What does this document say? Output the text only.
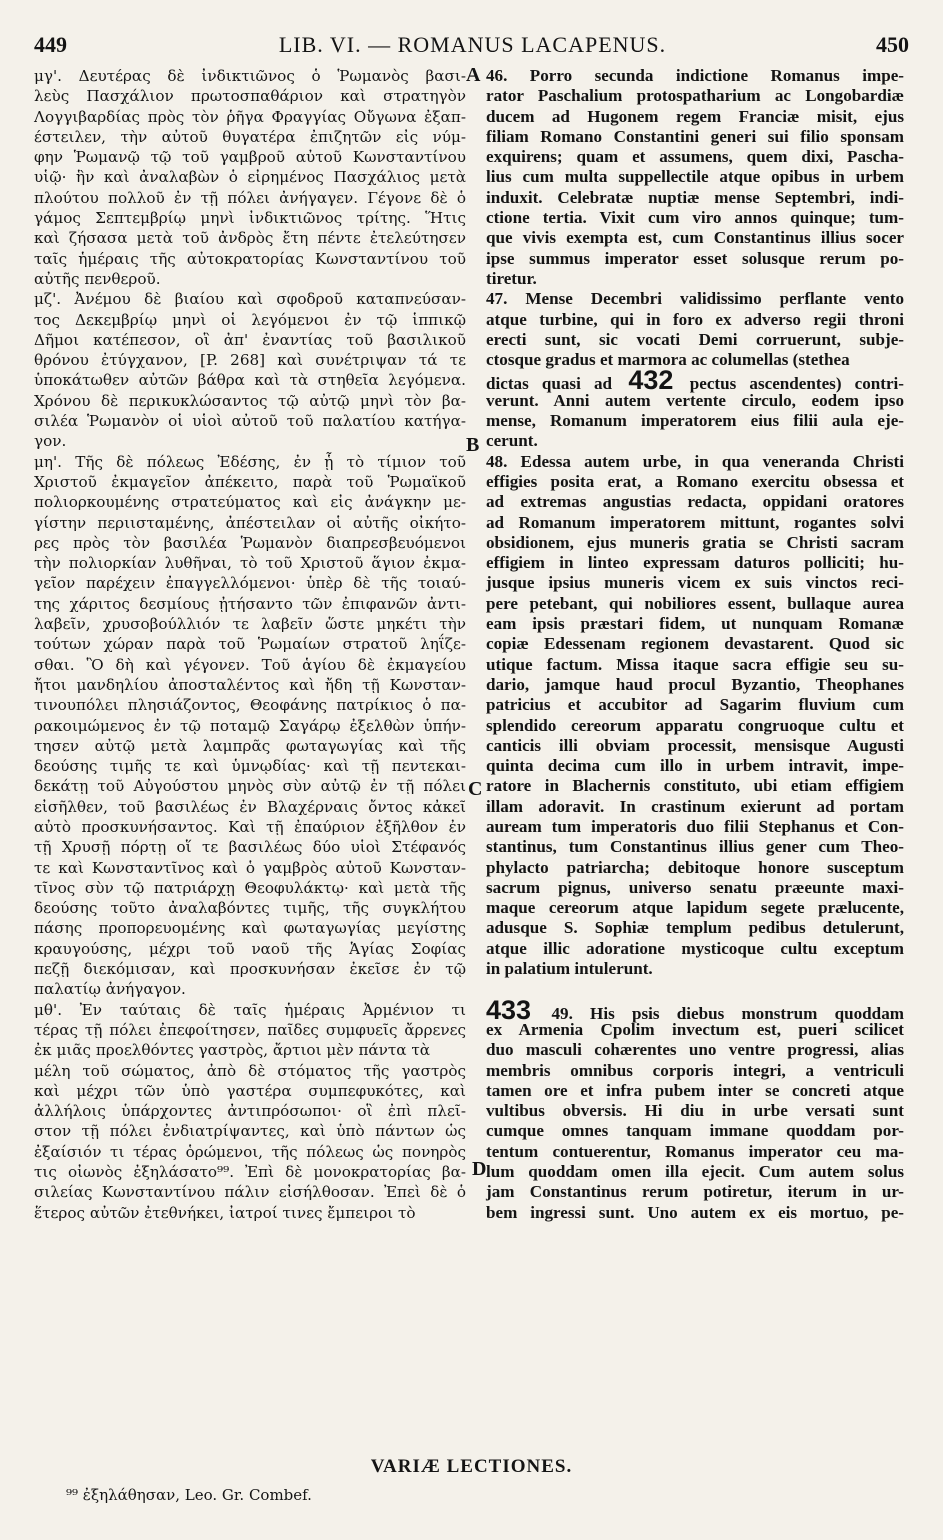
449	LIB. VI. — ROMANUS LACAPENUS.	450
μγ'. Δευτέρας δὲ ἰνδικτιῶνος ὁ Ῥωμανὸς βασι-
λεὺς Πασχάλιον πρωτοσπαθάριον καὶ στρατηγὸν
Λογγιβαρδίας πρὸς τὸν ῥῆγα Φραγγίας Οὔγωνα ἐξαπ-
έστειλεν, τὴν αὐτοῦ θυγατέρα ἐπιζητῶν εἰς νύμ-
φην Ῥωμανῷ τῷ τοῦ γαμβροῦ αὐτοῦ Κωνσταντίνου
υἱῷ· ἣν καὶ ἀναλαβὼν ὁ εἰρημένος Πασχάλιος μετὰ
πλούτου πολλοῦ ἐν τῇ πόλει ἀνήγαγεν. Γέγονε δὲ ὁ
γάμος Σεπτεμβρίῳ μηνὶ ἰνδικτιῶνος τρίτης. Ἥτις
καὶ ζήσασα μετὰ τοῦ ἀνδρὸς ἔτη πέντε ἐτελεύτησεν
ταῖς ἡμέραις τῆς αὐτοκρατορίας Κωνσταντίνου τοῦ
αὐτῆς πενθεροῦ.
μζ'. Ἀνέμου δὲ βιαίου καὶ σφοδροῦ καταπνεύσαν-
τος Δεκεμβρίῳ μηνὶ οἱ λεγόμενοι ἐν τῷ ἱππικῷ
Δῆμοι κατέπεσον, οἳ ἀπ' ἐναντίας τοῦ βασιλικοῦ
θρόνου ἐτύγχανον, [P. 268] καὶ συνέτριψαν τά τε
ὑποκάτωθεν αὐτῶν βάθρα καὶ τὰ στηθεῖα λεγόμενα.
Χρόνου δὲ περικυκλώσαντος τῷ αὐτῷ μηνὶ τὸν βα-
σιλέα Ῥωμανὸν οἱ υἱοὶ αὐτοῦ τοῦ παλατίου κατήγα-
γον.
μη'. Τῆς δὲ πόλεως Ἐδέσης, ἐν ᾗ τὸ τίμιον τοῦ
Χριστοῦ ἐκμαγεῖον ἀπέκειτο, παρὰ τοῦ Ῥωμαϊκοῦ
πολιορκουμένης στρατεύματος καὶ εἰς ἀνάγκην με-
γίστην περιισταμένης, ἀπέστειλαν οἱ αὐτῆς οἰκήτο-
ρες πρὸς τὸν βασιλέα Ῥωμανὸν διαπρεσβευόμενοι
τὴν πολιορκίαν λυθῆναι, τὸ τοῦ Χριστοῦ ἅγιον ἐκμα-
γεῖον παρέχειν ἐπαγγελλόμενοι· ὑπὲρ δὲ τῆς τοιαύ-
της χάριτος δεσμίους ᾐτήσαντο τῶν ἐπιφανῶν ἀντι-
λαβεῖν, χρυσοβούλλιόν τε λαβεῖν ὥστε μηκέτι τὴν
τούτων χώραν παρὰ τοῦ Ῥωμαίων στρατοῦ ληΐζε-
σθαι. Ὃ δὴ καὶ γέγονεν. Τοῦ ἁγίου δὲ ἐκμαγείου
ἤτοι μανδηλίου ἀποσταλέντος καὶ ἤδη τῇ Κωνσταν-
τινουπόλει πλησιάζοντος, Θεοφάνης πατρίκιος ὁ πα-
ρακοιμώμενος ἐν τῷ ποταμῷ Σαγάρῳ ἐξελθὼν ὑπήν-
τησεν αὐτῷ μετὰ λαμπρᾶς φωταγωγίας καὶ τῆς
δεούσης τιμῆς τε καὶ ὑμνῳδίας· καὶ τῇ πεντεκαι-
δεκάτῃ τοῦ Αὐγούστου μηνὸς σὺν αὐτῷ ἐν τῇ πόλει
εἰσῆλθεν, τοῦ βασιλέως ἐν Βλαχέρναις ὄντος κἀκεῖ
αὐτὸ προσκυνήσαντος. Καὶ τῇ ἐπαύριον ἐξῆλθον ἐν
τῇ Χρυσῇ πόρτῃ οἵ τε βασιλέως δύο υἱοὶ Στέφανός
τε καὶ Κωνσταντῖνος καὶ ὁ γαμβρὸς αὐτοῦ Κωνσταν-
τῖνος σὺν τῷ πατριάρχῃ Θεοφυλάκτῳ· καὶ μετὰ τῆς
δεούσης τοῦτο ἀναλαβόντες τιμῆς, τῆς συγκλήτου
πάσης προπορευομένης καὶ φωταγωγίας μεγίστης
κραυγούσης, μέχρι τοῦ ναοῦ τῆς Ἁγίας Σοφίας
πεζῇ διεκόμισαν, καὶ προσκυνήσαν ἐκεῖσε ἐν τῷ
παλατίῳ ἀνήγαγον.
μθ'. Ἐν ταύταις δὲ ταῖς ἡμέραις Ἀρμένιον τι
τέρας τῇ πόλει ἐπεφοίτησεν, παῖδες συμφυεῖς ἄρρενες
ἐκ μιᾶς προελθόντες γαστρὸς, ἄρτιοι μὲν πάντα τὰ
μέλη τοῦ σώματος, ἀπὸ δὲ στόματος τῆς γαστρὸς
καὶ μέχρι τῶν ὑπὸ γαστέρα συμπεφυκότες, καὶ
ἀλλήλοις ὑπάρχοντες ἀντιπρόσωποι· οἳ ἐπὶ πλεῖ-
στον τῇ πόλει ἐνδιατρίψαντες, καὶ ὑπὸ πάντων ὡς
ἐξαίσιόν τι τέρας ὁρώμενοι, τῆς πόλεως ὡς πονηρὸς
τις οἰωνὸς ἐξηλάσατο⁹⁹. Ἐπὶ δὲ μονοκρατορίας βα-
σιλείας Κωνσταντίνου πάλιν εἰσήλθοσαν. Ἐπεὶ δὲ ὁ
ἕτερος αὐτῶν ἐτεθνήκει, ἰατροί τινες ἔμπειροι τὸ
46. Porro secunda indictione Romanus impe-
rator Paschalium protospatharium ac Longobardiæ
ducem ad Hugonem regem Franciæ misit, ejus
filiam Romano Constantini generi sui filio sponsam
exquirens; quam et assumens, quem dixi, Pascha-
lius cum multa suppellectile atque opibus in urbem
induxit. Celebratæ nuptiæ mense Septembri, indi-
ctione tertia. Vixit cum viro annos quinque; tum-
que vivis exempta est, cum Constantinus illius socer
ipse summus imperator esset solusque rerum po-
tiretur.
47. Mense Decembri validissimo perflante vento
atque turbine, qui in foro ex adverso regii throni
erecti sunt, sic vocati Demi corruerunt, subje-
ctosque gradus et marmora ac columellas (stethea
dictas quasi ad 432 pectus ascendentes) contri-
verunt. Anni autem vertente circulo, eodem ipso
mense, Romanum imperatorem eius filii aula eje-
cerunt.
48. Edessa autem urbe, in qua veneranda Christi
effigies posita erat, a Romano exercitu obsessa et
ad extremas angustias redacta, oppidani oratores
ad Romanum imperatorem mittunt, rogantes solvi
obsidionem, ejus muneris gratia se Christi sacram
effigiem in linteo expressam daturos polliciti; hu-
jusque ipsius muneris vicem ex suis vinctos reci-
pere petebant, qui nobiliores essent, bullaque aurea
eam ipsis præstari fidem, ut nunquam Romanæ
copiæ Edessenam regionem devastarent. Quod sic
utique factum. Missa itaque sacra effigie seu su-
dario, jamque haud procul Byzantio, Theophanes
patricius et accubitor ad Sagarim fluvium cum
splendido cereorum apparatu congruoque cultu et
canticis illi obviam processit, mensisque Augusti
quinta decima cum illo in urbem intravit, impe-
ratore in Blachernis constituto, ubi etiam effigiem
illam adoravit. In crastinum exierunt ad portam
auream tum imperatoris duo filii Stephanus et Con-
stantinus, tum Constantinus illius gener cum Theo-
phylacto patriarcha; debitoque honore susceptum
sacrum pignus, universo senatu præeunte maxi-
maque cereorum atque lapidum segete prælucente,
adusque S. Sophiæ templum pedibus detulerunt,
atque illic adoratione mysticoque cultu exceptum
in palatium intulerunt.

433 49. His psis diebus monstrum quoddam
ex Armenia Cpolim invectum est, pueri scilicet
duo masculi cohærentes uno ventre progressi, alias
membris omnibus corporis integri, a ventriculi
tamen ore et infra pubem inter se concreti atque
vultibus obversis. Hi diu in urbe versati sunt
cumque omnes tanquam immane quoddam por-
tentum contuerentur, Romanus imperator ceu ma-
lum quoddam omen illa ejecit. Cum autem solus
jam Constantinus rerum potiretur, iterum in ur-
bem ingressi sunt. Uno autem ex eis mortuo, pe-
A
B
C
D
VARIÆ LECTIONES.
⁹⁹ ἐξηλάθησαν, Leo. Gr. Combef.
